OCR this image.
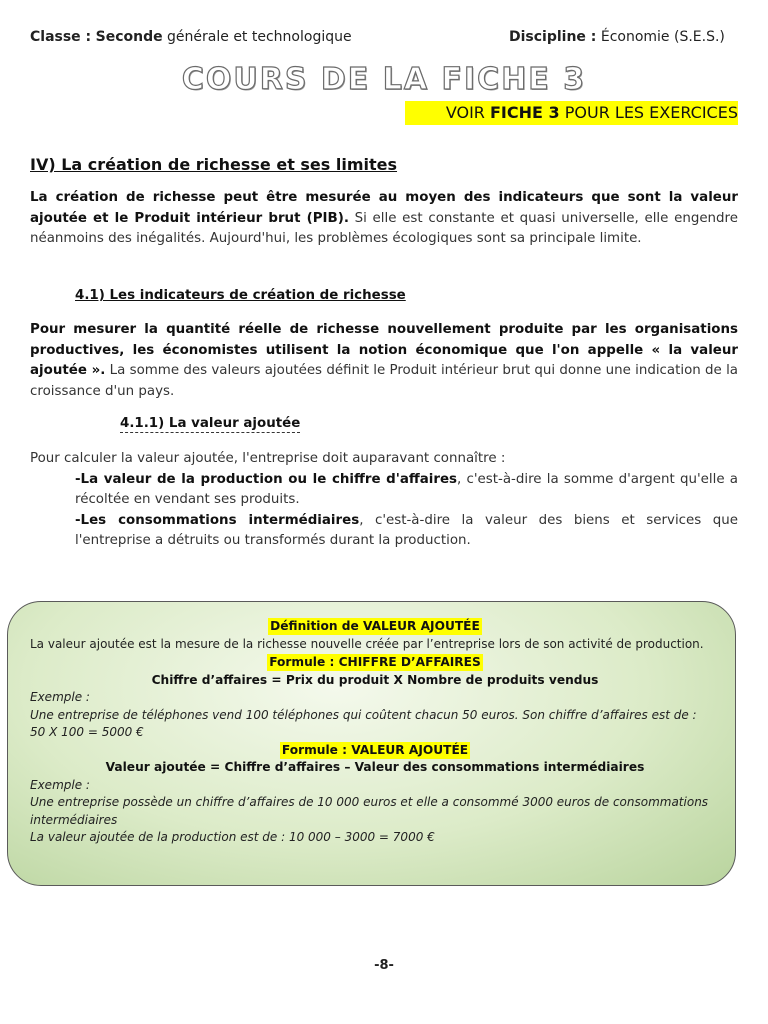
Classe : Seconde générale et technologique	Discipline : Économie (S.E.S.)
COURS DE LA FICHE 3
VOIR FICHE 3 POUR LES EXERCICES
IV) La création de richesse et ses limites
La création de richesse peut être mesurée au moyen des indicateurs que sont la valeur ajoutée et le Produit intérieur brut (PIB). Si elle est constante et quasi universelle, elle engendre néanmoins des inégalités. Aujourd'hui, les problèmes écologiques sont sa principale limite.
4.1) Les indicateurs de création de richesse
Pour mesurer la quantité réelle de richesse nouvellement produite par les organisations productives, les économistes utilisent la notion économique que l'on appelle « la valeur ajoutée ». La somme des valeurs ajoutées définit le Produit intérieur brut qui donne une indication de la croissance d'un pays.
4.1.1) La valeur ajoutée
Pour calculer la valeur ajoutée, l'entreprise doit auparavant connaître :
-La valeur de la production ou le chiffre d'affaires, c'est-à-dire la somme d'argent qu'elle a récoltée en vendant ses produits.
-Les consommations intermédiaires, c'est-à-dire la valeur des biens et services que l'entreprise a détruits ou transformés durant la production.
Définition de VALEUR AJOUTÉE
La valeur ajoutée est la mesure de la richesse nouvelle créée par l’entreprise lors de son activité de production.
Formule : CHIFFRE D’AFFAIRES
Chiffre d’affaires = Prix du produit X Nombre de produits vendus
Exemple :
Une entreprise de téléphones vend 100 téléphones qui coûtent chacun 50 euros. Son chiffre d’affaires est de :
50 X 100 = 5000 €
Formule : VALEUR AJOUTÉE
Valeur ajoutée = Chiffre d’affaires – Valeur des consommations intermédiaires
Exemple :
Une entreprise possède un chiffre d’affaires de 10 000 euros et elle a consommé 3000 euros de consommations intermédiaires
La valeur ajoutée de la production est de : 10 000 – 3000 = 7000 €
-8-
